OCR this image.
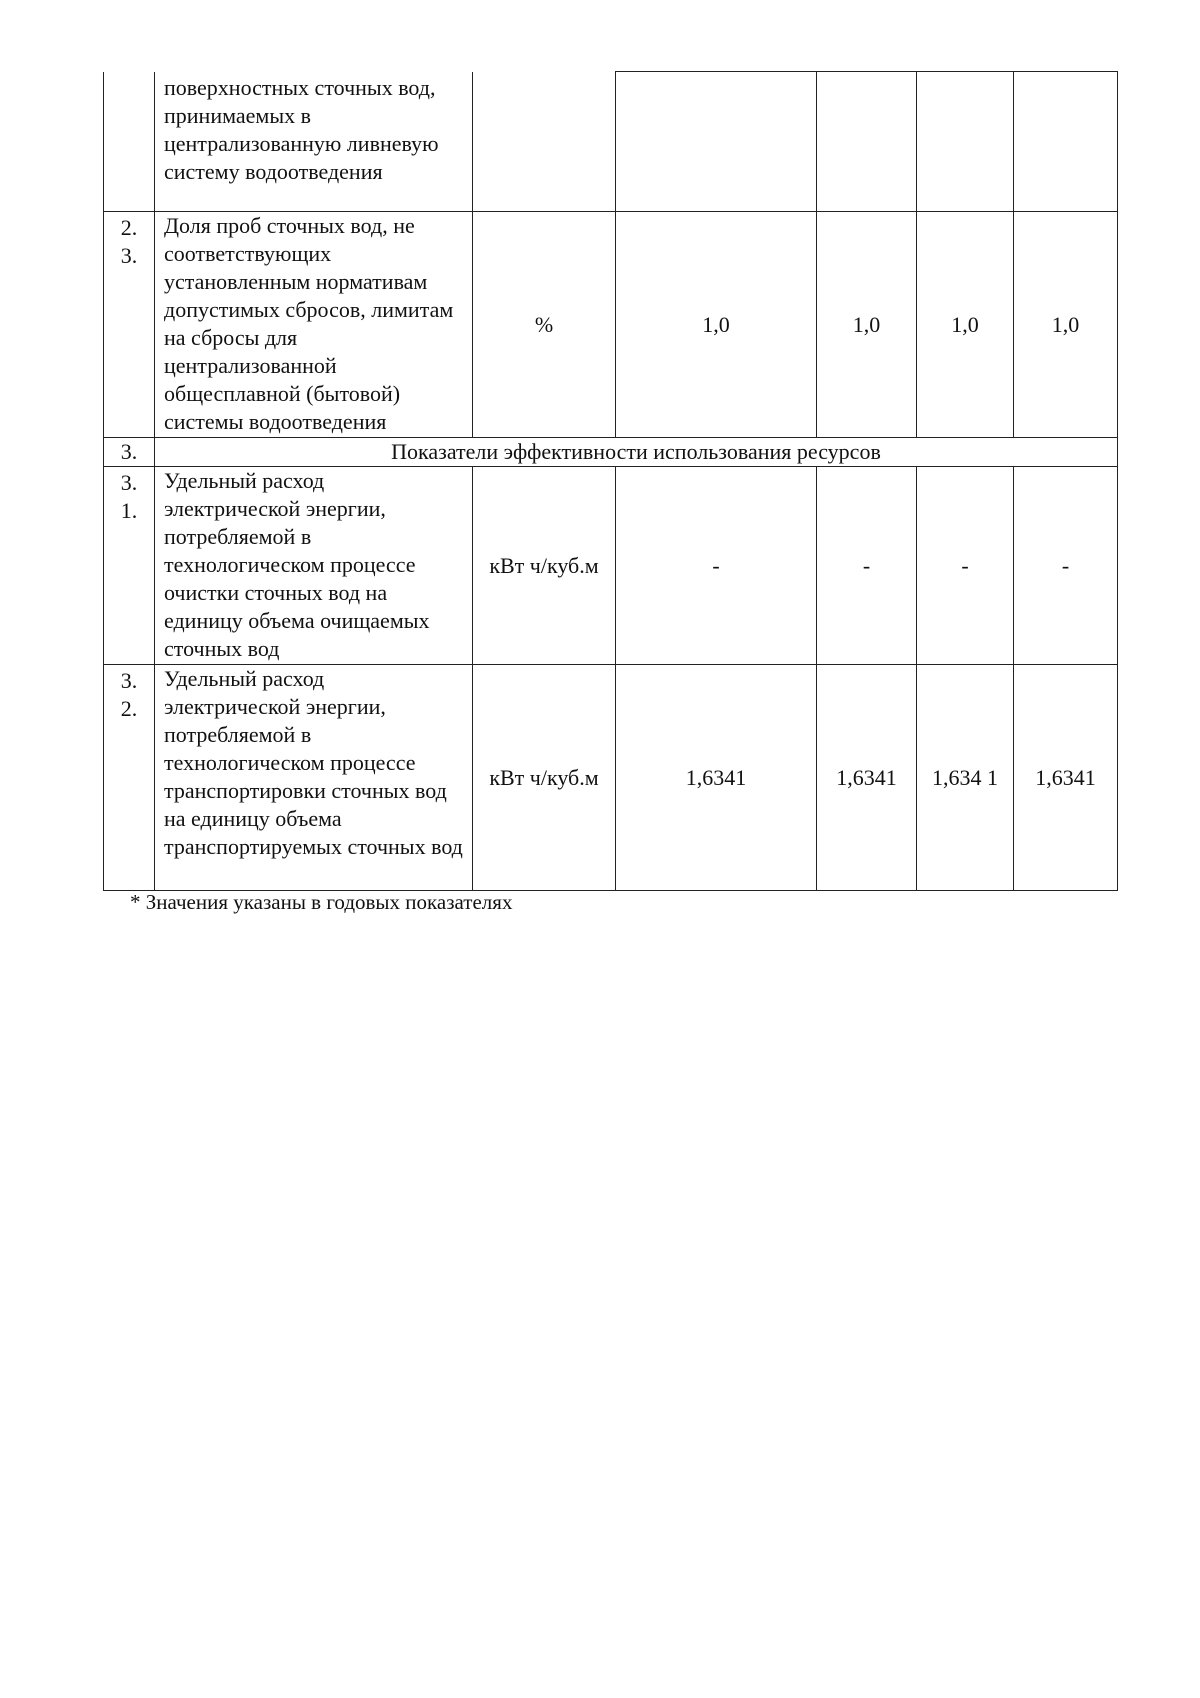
	поверхностных сточных вод, принимаемых в централизованную ливневую систему водоотведения					

2.
3.	Доля проб сточных вод, не соответствующих установленным нормативам допустимых сбросов, лимитам на сбросы для централизованной общесплавной (бытовой) системы водоотведения	%	1,0	1,0	1,0	1,0
3.	Показатели эффективности использования ресурсов					

3.
1.	Удельный расход электрической энергии, потребляемой в технологическом процессе очистки сточных вод на единицу объема очищаемых сточных вод	кВт ч/куб.м	-	-	-	-

3.
2.	Удельный расход электрической энергии, потребляемой в технологическом процессе транспортировки сточных вод на единицу объема транспортируемых сточных вод	кВт ч/куб.м	1,6341	1,6341	1,634 1	1,6341
* Значения указаны в годовых показателях
